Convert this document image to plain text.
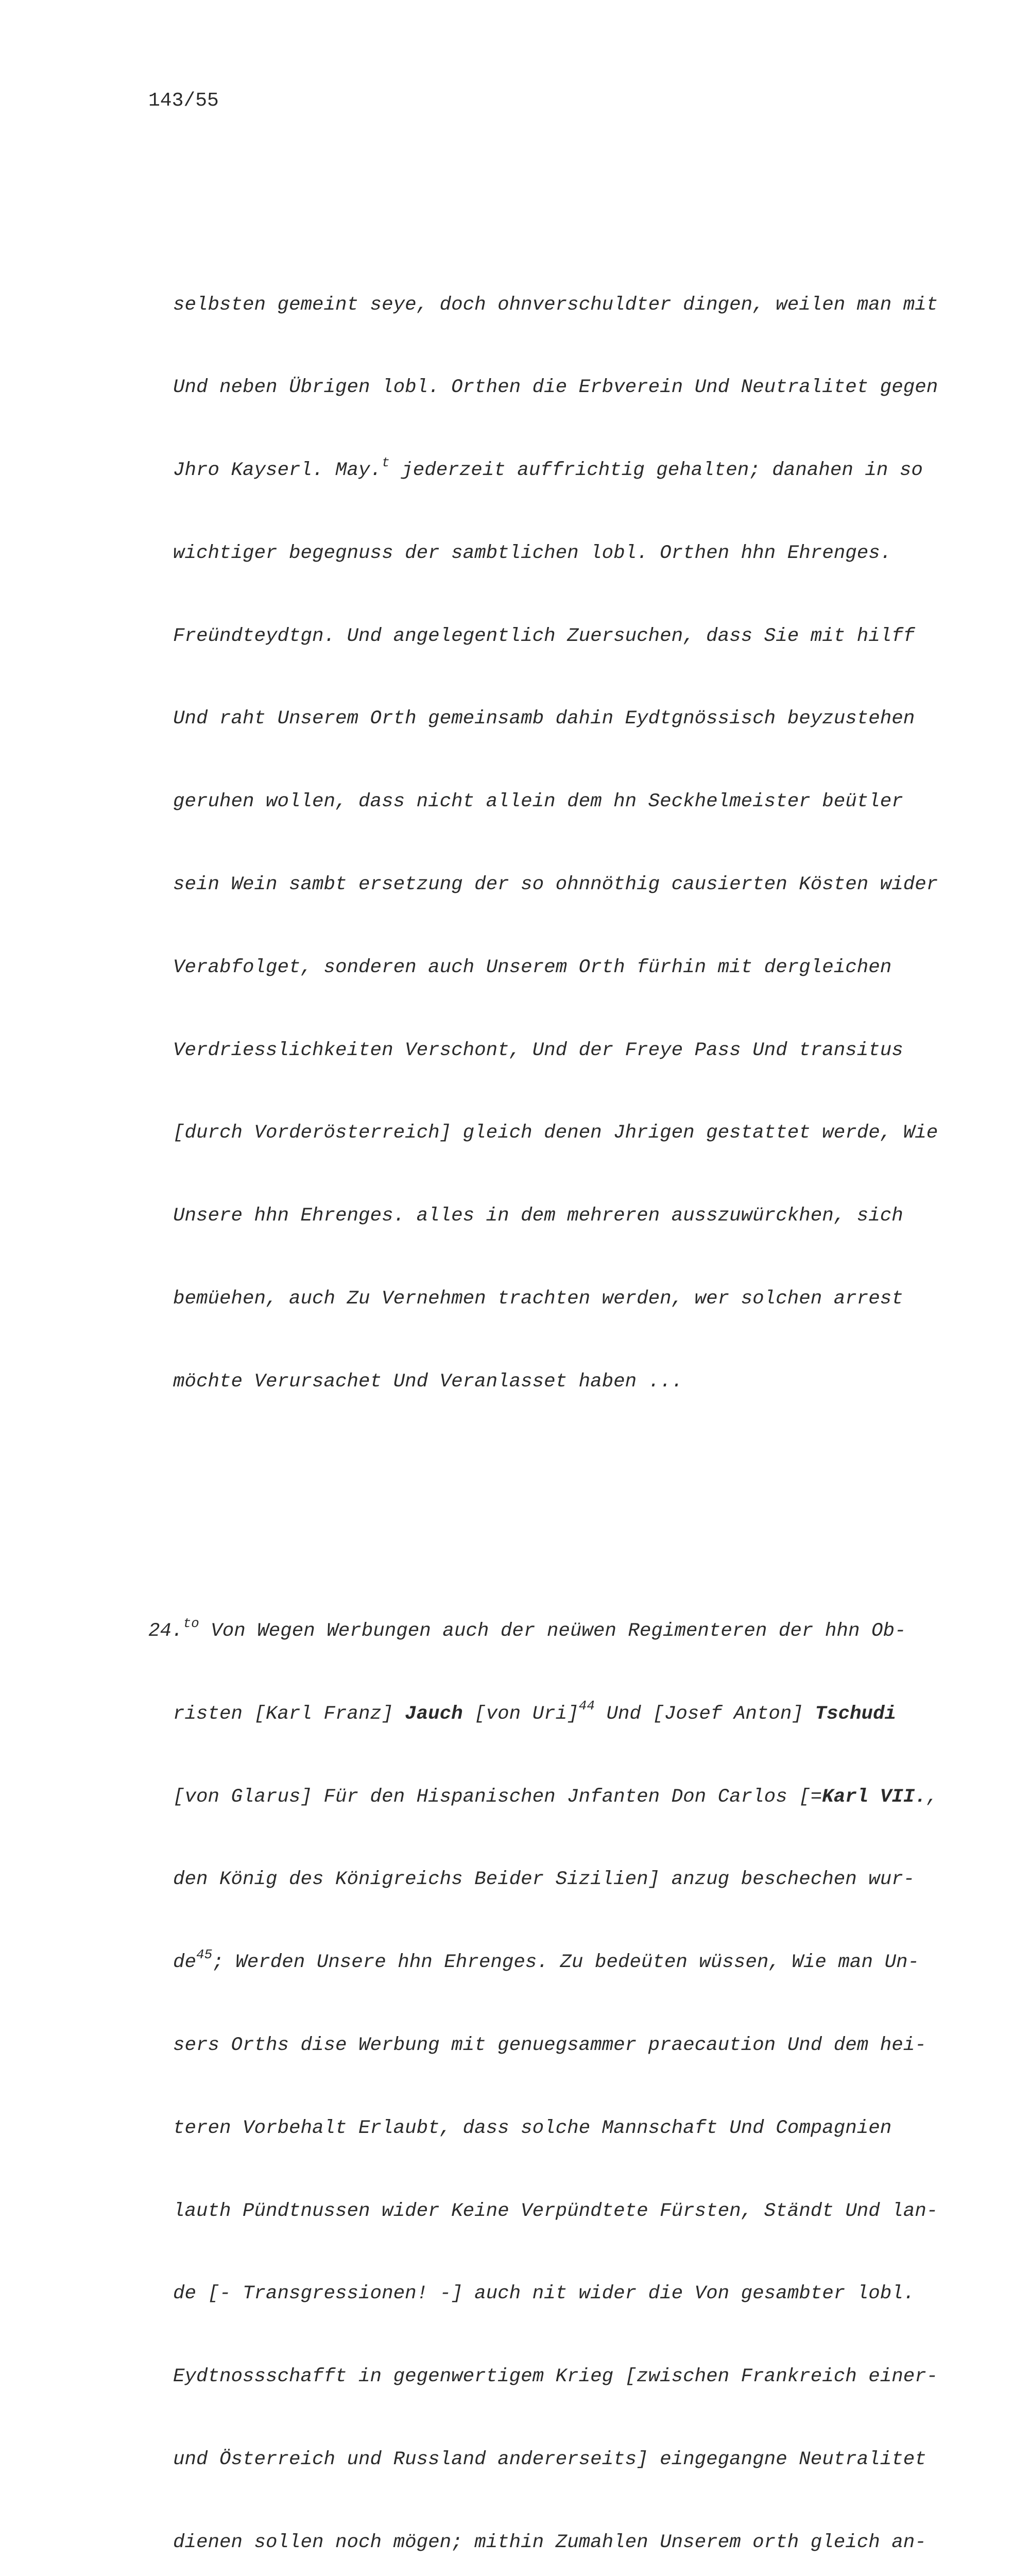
143/55

selbsten gemeint seye, doch ohnverschuldter dingen, weilen man mit

Und neben Übrigen lobl. Orthen die Erbverein Und Neutralitet gegen

Jhro Kayserl. May.$^t$ jederzeit auffrichtig gehalten; danahen in so

wichtiger begegnuss der sambtlichen lobl. Orthen hhn Ehrenges.

Freündteydtgn. Und angelegentlich Zuersuchen, dass Sie mit hilff

Und raht Unserem Orth gemeinsamb dahin Eydtgnössisch beyzustehen

geruhen wollen, dass nicht allein dem hn Seckhelmeister beütler

sein Wein sambt ersetzung der so ohnnöthig causierten Kösten wider

Verabfolget, sonderen auch Unserem Orth fürhin mit dergleichen

Verdriesslichkeiten Verschont, Und der Freye Pass Und transitus

[durch Vorderösterreich] gleich denen Jhrigen gestattet werde, Wie

Unsere hhn Ehrenges. alles in dem mehreren ausszuwürckhen, sich

bemüehen, auch Zu Vernehmen trachten werden, wer solchen arrest

möchte Verursachet Und Veranlasset haben ...

24.$^{to}$ Von Wegen Werbungen auch der neüwen Regimenteren der hhn Ob-

risten [Karl Franz] Jauch [von Uri]$^{44}$ Und [Josef Anton] Tschudi

[von Glarus] Für den Hispanischen Jnfanten Don Carlos [=Karl VII.,

den König des Königreichs Beider Sizilien] anzug beschechen wur-

$de^{45}$; Werden Unsere hhn Ehrenges. Zu bedeüten wüssen, Wie man Un-

sers Orths dise Werbung mit genuegsammer praecaution Und dem hei-

teren Vorbehalt Erlaubt, dass solche Mannschaft Und Compagnien

lauth Pündtnussen wider Keine Verpündtete Fürsten, Ständt Und lan-

de [- Transgressionen! -] auch nit wider die Von gesambter lobl.

Eydtnossschafft in gegenwertigem Krieg [zwischen Frankreich einer-

und Österreich und Russland andererseits] eingegangne Neutralitet

dienen sollen noch mögen; mithin Zumahlen Unserem orth gleich an-
